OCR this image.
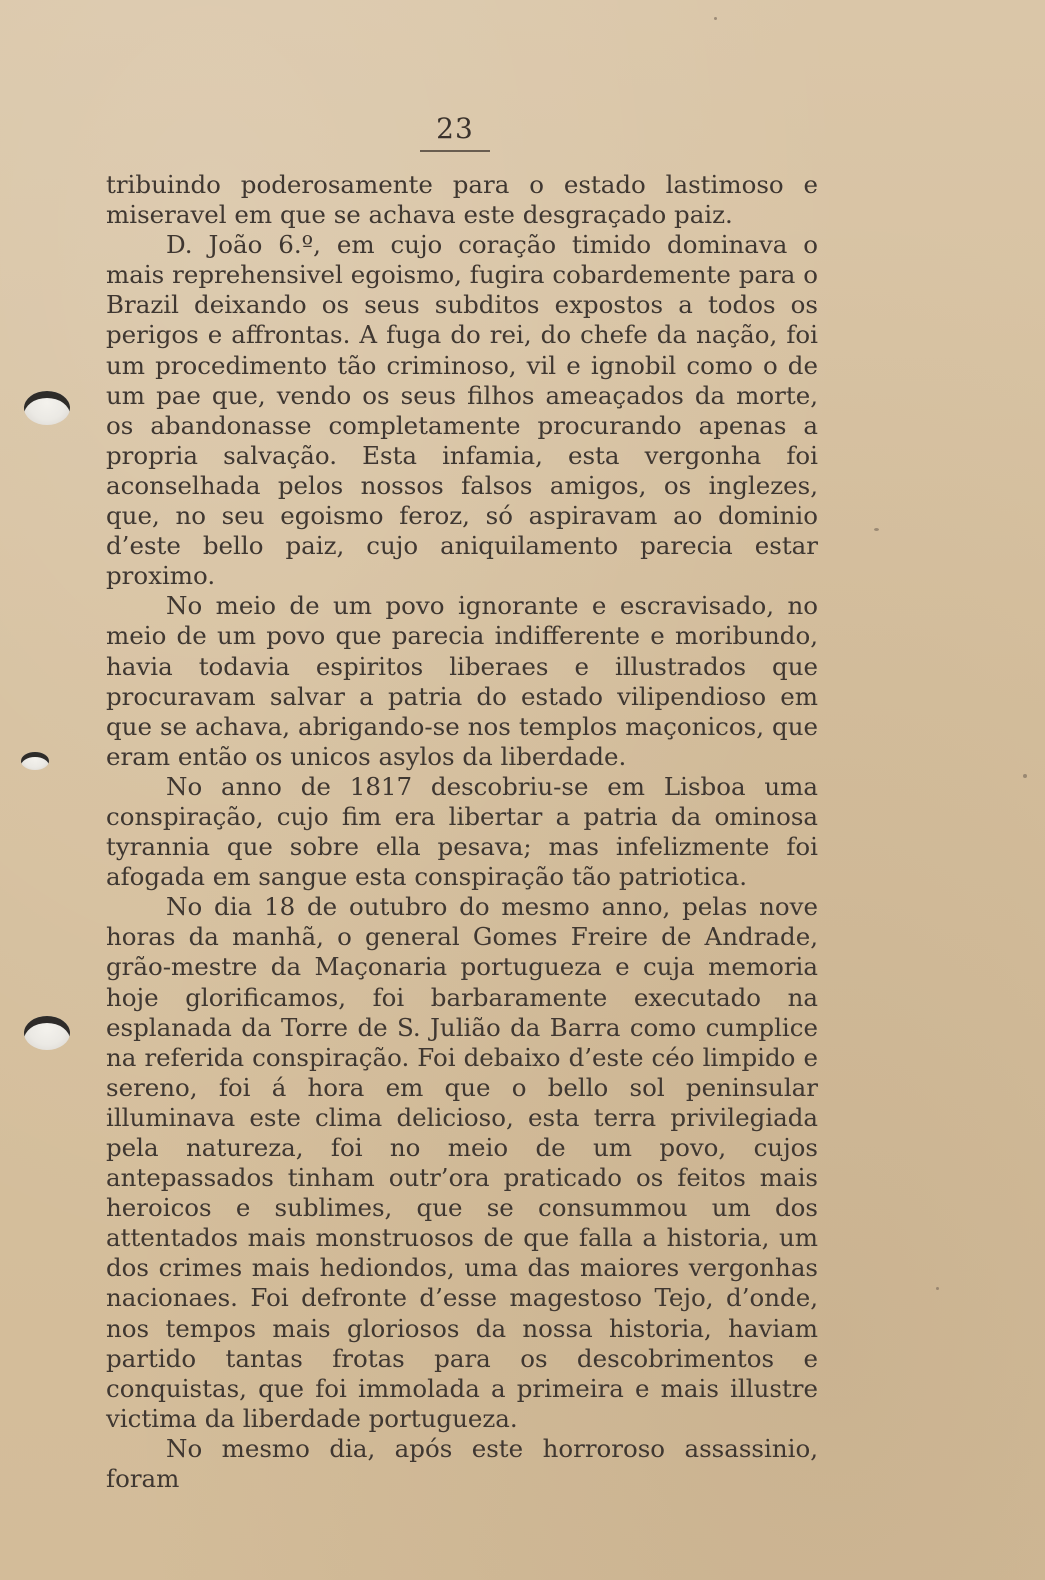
23

tribuindo poderosamente para o estado lastimoso e miseravel em que se achava este desgraçado paiz.

D. João 6.º, em cujo coração timido dominava o mais reprehensivel egoismo, fugira cobardemente para o Brazil deixando os seus subditos expostos a todos os perigos e affrontas. A fuga do rei, do chefe da nação, foi um procedimento tão criminoso, vil e ignobil como o de um pae que, vendo os seus filhos ameaçados da morte, os abandonasse completamente procurando apenas a propria salvação. Esta infamia, esta vergonha foi aconselhada pelos nossos falsos amigos, os inglezes, que, no seu egoismo feroz, só aspiravam ao dominio d’este bello paiz, cujo aniquilamento parecia estar proximo.

No meio de um povo ignorante e escravisado, no meio de um povo que parecia indifferente e moribundo, havia todavia espiritos liberaes e illustrados que procuravam salvar a patria do estado vilipendioso em que se achava, abrigando-se nos templos maçonicos, que eram então os unicos asylos da liberdade.

No anno de 1817 descobriu-se em Lisboa uma conspiração, cujo fim era libertar a patria da ominosa tyrannia que sobre ella pesava; mas infelizmente foi afogada em sangue esta conspiração tão patriotica.

No dia 18 de outubro do mesmo anno, pelas nove horas da manhã, o general Gomes Freire de Andrade, grão-mestre da Maçonaria portugueza e cuja memoria hoje glorificamos, foi barbaramente executado na esplanada da Torre de S. Julião da Barra como cumplice na referida conspiração. Foi debaixo d’este céo limpido e sereno, foi á hora em que o bello sol peninsular illuminava este clima delicioso, esta terra privilegiada pela natureza, foi no meio de um povo, cujos antepassados tinham outr’ora praticado os feitos mais heroicos e sublimes, que se consummou um dos attentados mais monstruosos de que falla a historia, um dos crimes mais hediondos, uma das maiores vergonhas nacionaes. Foi defronte d’esse magestoso Tejo, d’onde, nos tempos mais gloriosos da nossa historia, haviam partido tantas frotas para os descobrimentos e conquistas, que foi immolada a primeira e mais illustre victima da liberdade portugueza.

No mesmo dia, após este horroroso assassinio, foram
